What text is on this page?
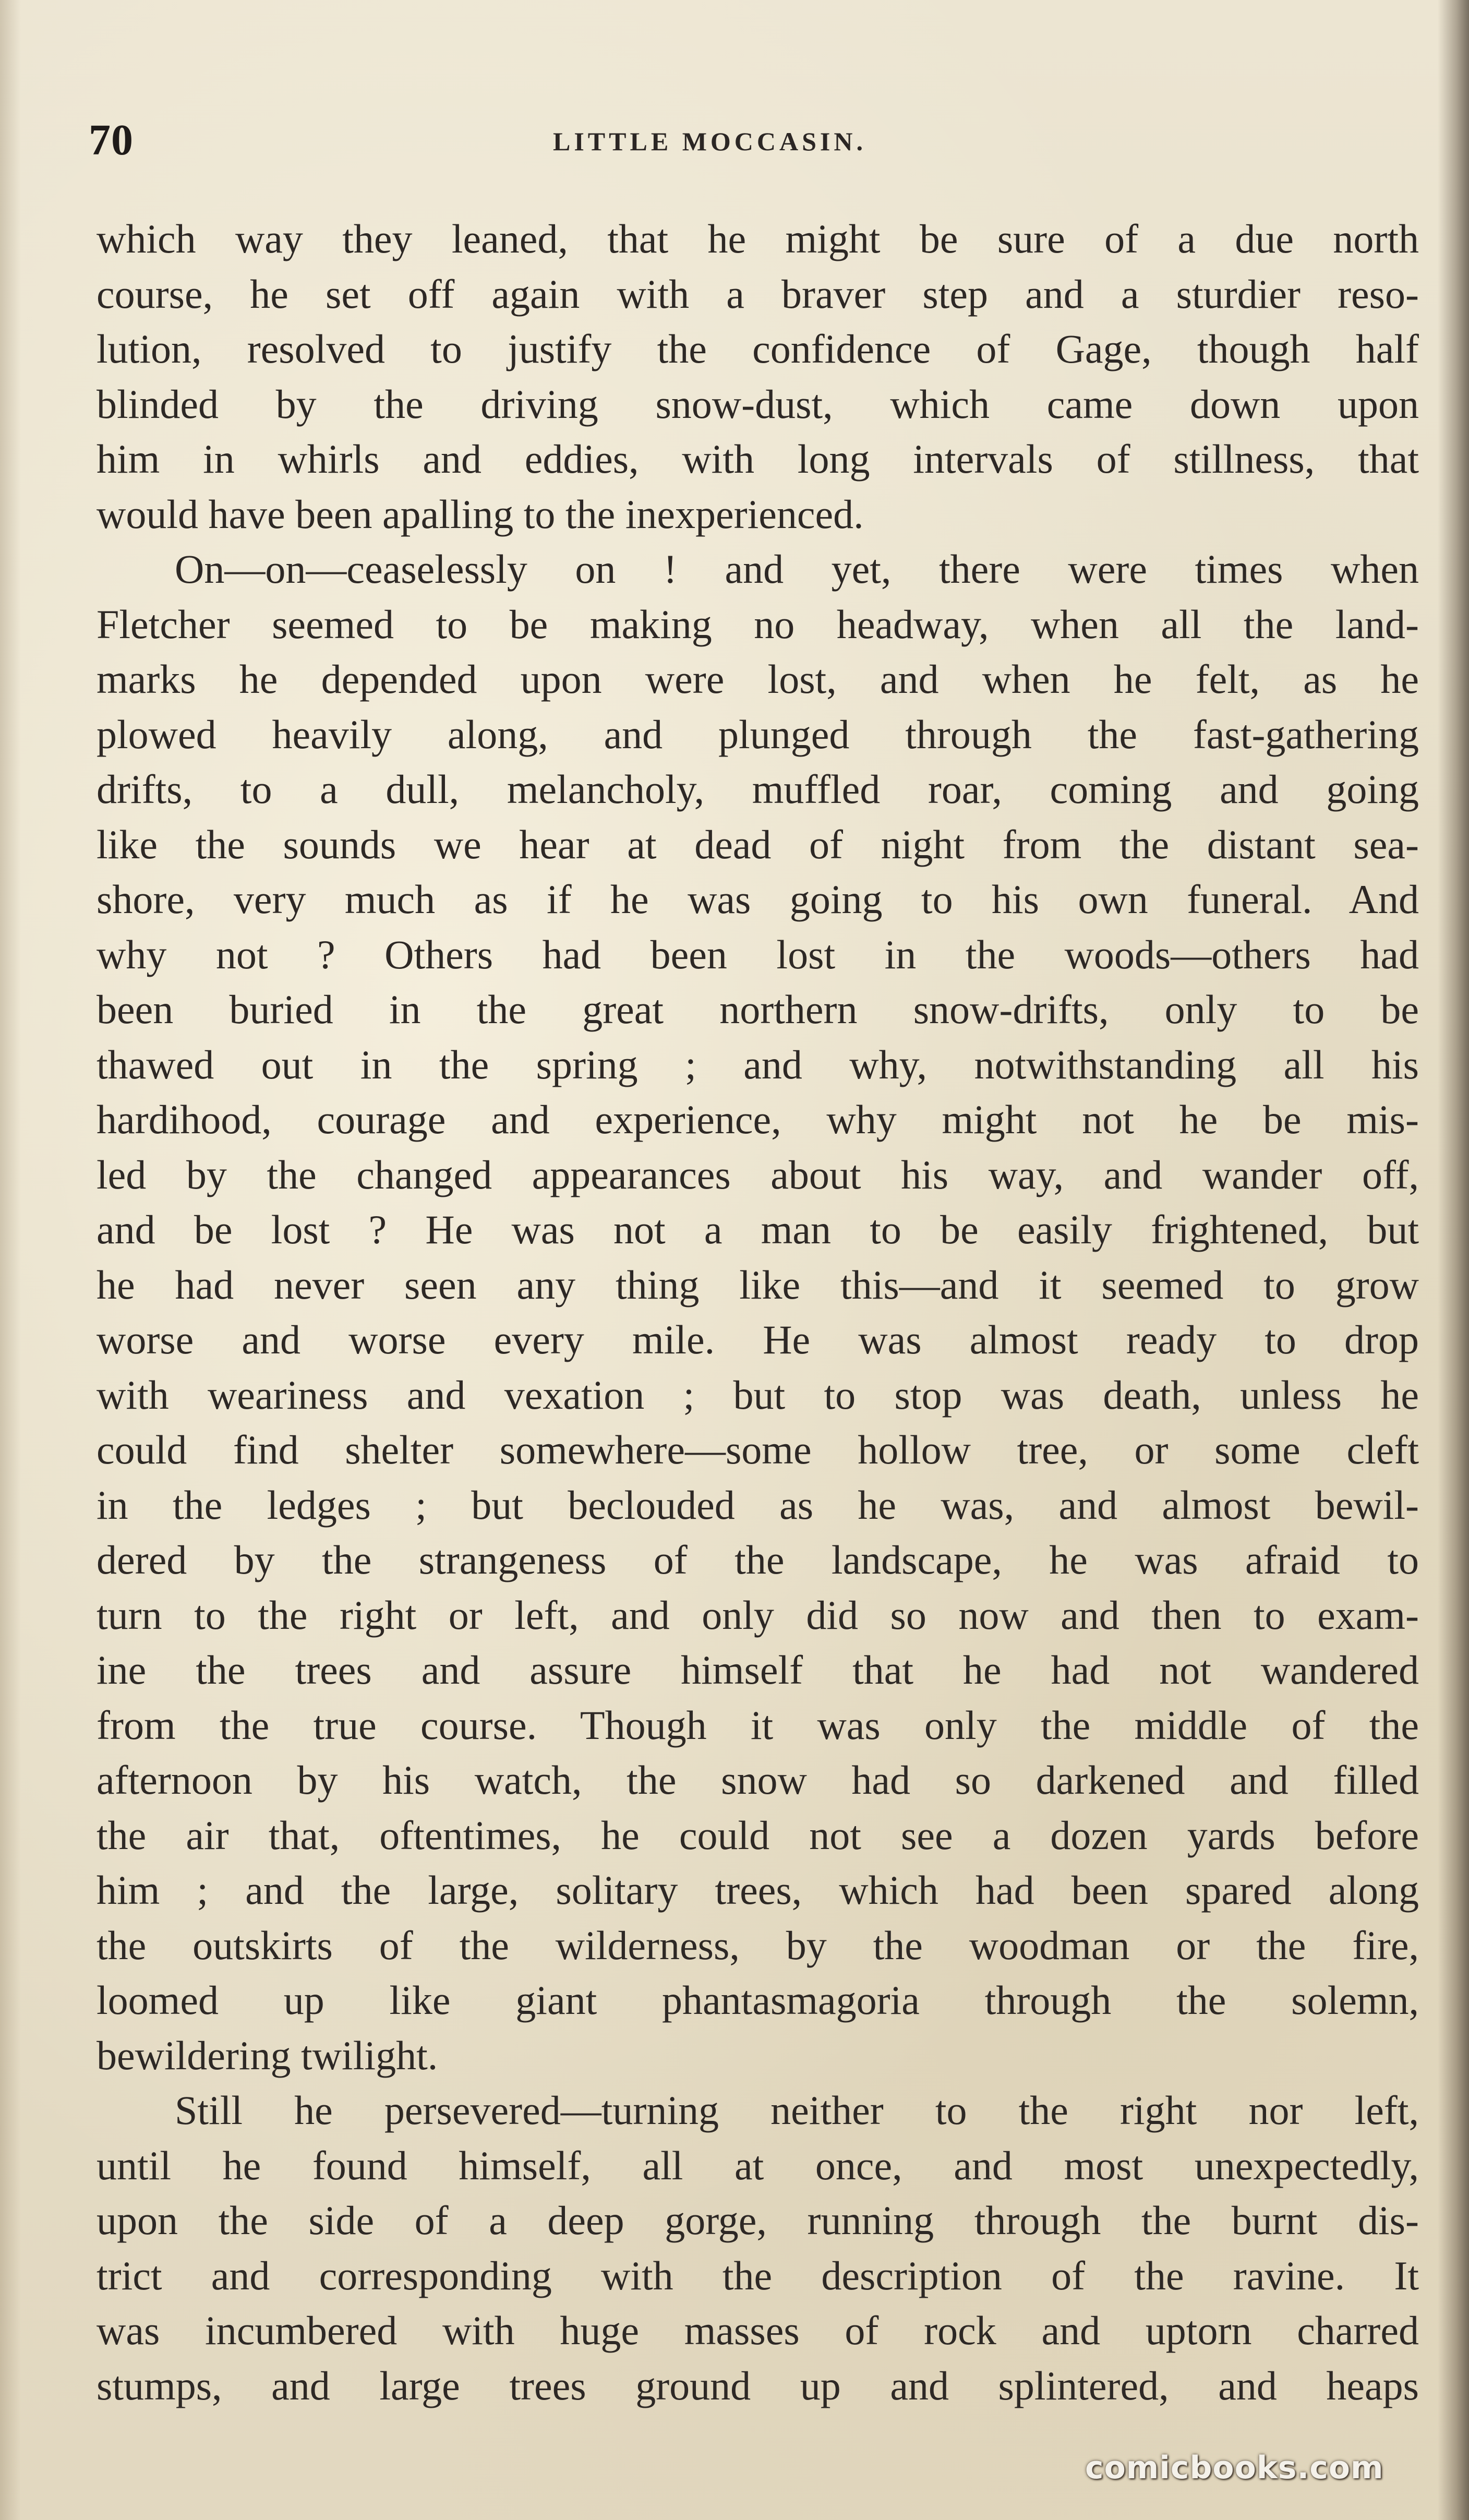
70	LITTLE MOCCASIN.
which way they leaned, that he might be sure of a due north
course, he set off again with a braver step and a sturdier reso-
lution, resolved to justify the confidence of Gage, though half
blinded by the driving snow-dust, which came down upon
him in whirls and eddies, with long intervals of stillness, that
would have been apalling to the inexperienced.
On—on—ceaselessly on ! and yet, there were times when
Fletcher seemed to be making no headway, when all the land-
marks he depended upon were lost, and when he felt, as he
plowed heavily along, and plunged through the fast-gathering
drifts, to a dull, melancholy, muffled roar, coming and going
like the sounds we hear at dead of night from the distant sea-
shore, very much as if he was going to his own funeral. And
why not ? Others had been lost in the woods—others had
been buried in the great northern snow-drifts, only to be
thawed out in the spring ; and why, notwithstanding all his
hardihood, courage and experience, why might not he be mis-
led by the changed appearances about his way, and wander off,
and be lost ? He was not a man to be easily frightened, but
he had never seen any thing like this—and it seemed to grow
worse and worse every mile. He was almost ready to drop
with weariness and vexation ; but to stop was death, unless he
could find shelter somewhere—some hollow tree, or some cleft
in the ledges ; but beclouded as he was, and almost bewil-
dered by the strangeness of the landscape, he was afraid to
turn to the right or left, and only did so now and then to exam-
ine the trees and assure himself that he had not wandered
from the true course. Though it was only the middle of the
afternoon by his watch, the snow had so darkened and filled
the air that, oftentimes, he could not see a dozen yards before
him ; and the large, solitary trees, which had been spared along
the outskirts of the wilderness, by the woodman or the fire,
loomed up like giant phantasmagoria through the solemn,
bewildering twilight.
Still he persevered—turning neither to the right nor left,
until he found himself, all at once, and most unexpectedly,
upon the side of a deep gorge, running through the burnt dis-
trict and corresponding with the description of the ravine. It
was incumbered with huge masses of rock and uptorn charred
stumps, and large trees ground up and splintered, and heaps
comicbooks.com
